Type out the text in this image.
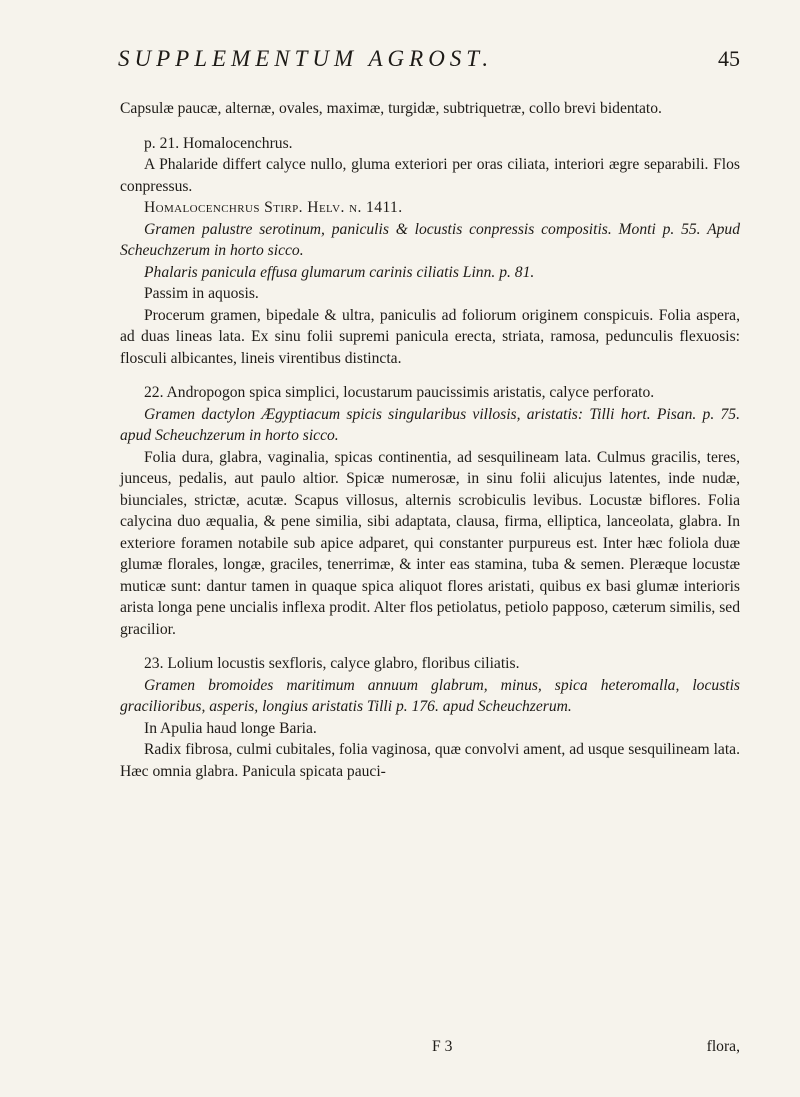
SUPPLEMENTUM AGROST.	45

Capsulæ paucæ, alternæ, ovales, maximæ, turgidæ, subtriquetræ, collo brevi bidentato.

p. 21. Homalocenchrus.

A Phalaride differt calyce nullo, gluma exteriori per oras ciliata, interiori ægre separabili. Flos conpressus.

Homalocenchrus Stirp. Helv. n. 1411.

Gramen palustre serotinum, paniculis & locustis conpressis compositis. Monti p. 55. Apud Scheuchzerum in horto sicco.

Phalaris panicula effusa glumarum carinis ciliatis Linn. p. 81.

Passim in aquosis.

Procerum gramen, bipedale & ultra, paniculis ad foliorum originem conspicuis. Folia aspera, ad duas lineas lata. Ex sinu folii supremi panicula erecta, striata, ramosa, pedunculis flexuosis: flosculi albicantes, lineis virentibus distincta.

22. Andropogon spica simplici, locustarum paucissimis aristatis, calyce perforato.

Gramen dactylon Ægyptiacum spicis singularibus villosis, aristatis: Tilli hort. Pisan. p. 75. apud Scheuchzerum in horto sicco.

Folia dura, glabra, vaginalia, spicas continentia, ad sesquilineam lata. Culmus gracilis, teres, junceus, pedalis, aut paulo altior. Spicæ numerosæ, in sinu folii alicujus latentes, inde nudæ, biunciales, strictæ, acutæ. Scapus villosus, alternis scrobiculis levibus. Locustæ biflores. Folia calycina duo æqualia, & pene similia, sibi adaptata, clausa, firma, elliptica, lanceolata, glabra. In exteriore foramen notabile sub apice adparet, qui constanter purpureus est. Inter hæc foliola duæ glumæ florales, longæ, graciles, tenerrimæ, & inter eas stamina, tuba & semen. Pleræque locustæ muticæ sunt: dantur tamen in quaque spica aliquot flores aristati, quibus ex basi glumæ interioris arista longa pene uncialis inflexa prodit. Alter flos petiolatus, petiolo papposo, cæterum similis, sed gracilior.

23. Lolium locustis sexfloris, calyce glabro, floribus ciliatis.

Gramen bromoides maritimum annuum glabrum, minus, spica heteromalla, locustis gracilioribus, asperis, longius aristatis Tilli p. 176. apud Scheuchzerum.

In Apulia haud longe Baria.

Radix fibrosa, culmi cubitales, folia vaginosa, quæ convolvi ament, ad usque sesquilineam lata. Hæc omnia glabra. Panicula spicata pauci-

F 3	flora,
